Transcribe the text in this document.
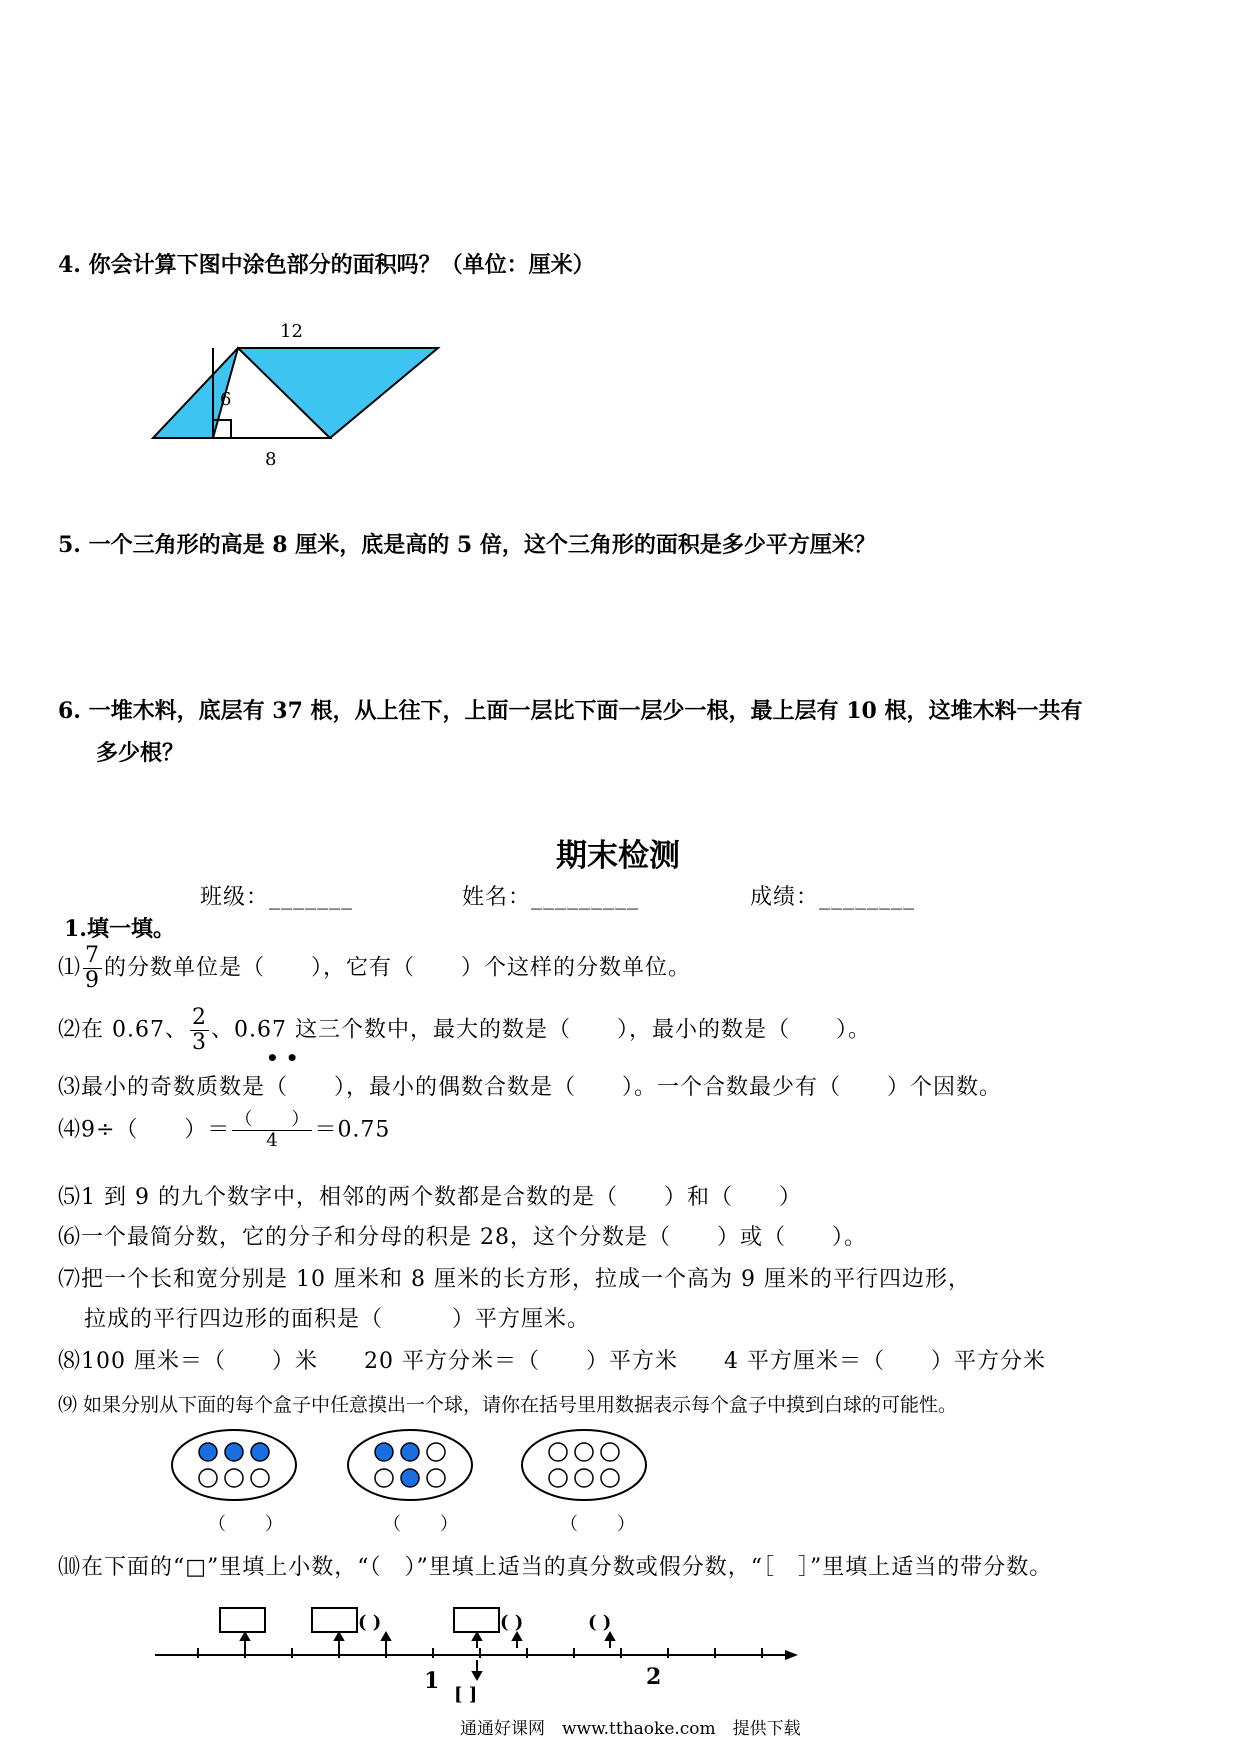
4. 你会计算下图中涂色部分的面积吗？（单位：厘米）
12
6
8
5. 一个三角形的高是 8 厘米，底是高的 5 倍，这个三角形的面积是多少平方厘米？
6. 一堆木料，底层有 37 根，从上往下，上面一层比下面一层少一根，最上层有 10 根，这堆木料一共有
多少根？
期末检测
班级：_______	姓名：_________	成绩：________
1.填一填。
⑴ $\frac{7}{9}$ 的分数单位是（　　），它有（　　）个这样的分数单位。
⑵在 0.67、 $\frac{2}{3}$ 、0.67 这三个数中，最大的数是（　　），最小的数是（　　）。
• •
⑶最小的奇数质数是（　　），最小的偶数合数是（　　）。一个合数最少有（　　）个因数。
⑷9÷（　　）＝ $\frac{( )}{4} =0.75$
⑸1 到 9 的九个数字中，相邻的两个数都是合数的是（　　）和（　　）
⑹一个最简分数，它的分子和分母的积是 28，这个分数是（　　）或（　　）。
⑺把一个长和宽分别是 10 厘米和 8 厘米的长方形，拉成一个高为 9 厘米的平行四边形，
拉成的平行四边形的面积是（　　　）平方厘米。
⑻100 厘米＝（　　）米　　20 平方分米＝（　　）平方米　　4 平方厘米＝（　　）平方分米
⑼ 如果分别从下面的每个盒子中任意摸出一个球，请你在括号里用数据表示每个盒子中摸到白球的可能性。
（　　）	（　　）	（　　）
⑽在下面的“□”里填上小数，“（　）”里填上适当的真分数或假分数，“［　］”里填上适当的带分数。
( )	( )	( )
1	2
[ ]
通通好课网　www.tthaoke.com　提供下载
